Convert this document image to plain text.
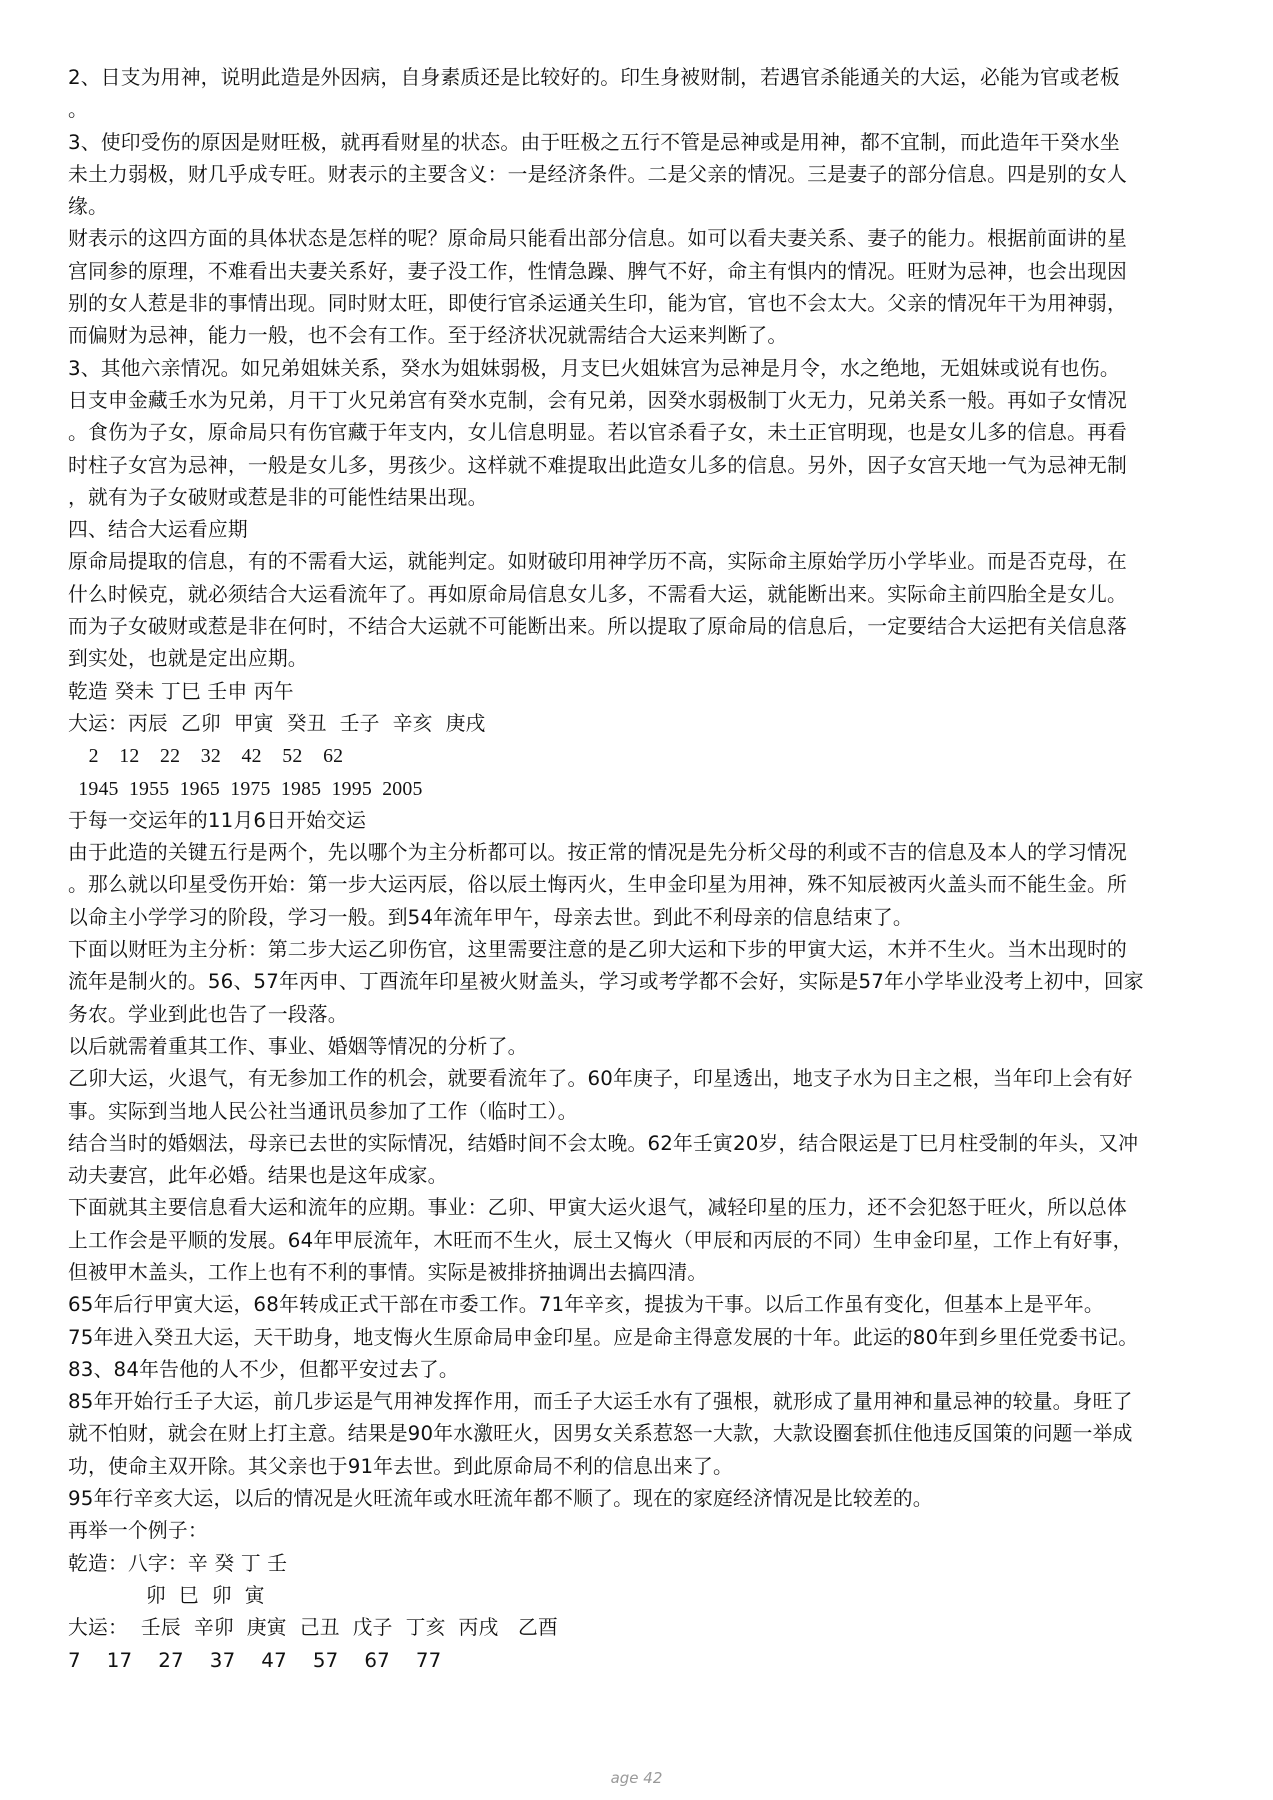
2、日支为用神，说明此造是外因病，自身素质还是比较好的。印生身被财制，若遇官杀能通关的大运，必能为官或老板

。

3、使印受伤的原因是财旺极，就再看财星的状态。由于旺极之五行不管是忌神或是用神，都不宜制，而此造年干癸水坐

未土力弱极，财几乎成专旺。财表示的主要含义：一是经济条件。二是父亲的情况。三是妻子的部分信息。四是别的女人

缘。

财表示的这四方面的具体状态是怎样的呢？原命局只能看出部分信息。如可以看夫妻关系、妻子的能力。根据前面讲的星

宫同参的原理，不难看出夫妻关系好，妻子没工作，性情急躁、脾气不好，命主有惧内的情况。旺财为忌神，也会出现因

别的女人惹是非的事情出现。同时财太旺，即使行官杀运通关生印，能为官，官也不会太大。父亲的情况年干为用神弱，

而偏财为忌神，能力一般，也不会有工作。至于经济状况就需结合大运来判断了。

3、其他六亲情况。如兄弟姐妹关系，癸水为姐妹弱极，月支巳火姐妹宫为忌神是月令，水之绝地，无姐妹或说有也伤。

日支申金藏壬水为兄弟，月干丁火兄弟宫有癸水克制，会有兄弟，因癸水弱极制丁火无力，兄弟关系一般。再如子女情况

。食伤为子女，原命局只有伤官藏于年支内，女儿信息明显。若以官杀看子女，未土正官明现，也是女儿多的信息。再看

时柱子女宫为忌神，一般是女儿多，男孩少。这样就不难提取出此造女儿多的信息。另外，因子女宫天地一气为忌神无制

，就有为子女破财或惹是非的可能性结果出现。

四、结合大运看应期

原命局提取的信息，有的不需看大运，就能判定。如财破印用神学历不高，实际命主原始学历小学毕业。而是否克母，在

什么时候克，就必须结合大运看流年了。再如原命局信息女儿多，不需看大运，就能断出来。实际命主前四胎全是女儿。

而为子女破财或惹是非在何时，不结合大运就不可能断出来。所以提取了原命局的信息后，一定要结合大运把有关信息落

到实处，也就是定出应期。

乾造 癸未 丁巳 壬申 丙午

大运：丙辰  乙卯  甲寅  癸丑  壬子  辛亥  庚戌

2    12    22    32    42    52    62

1945  1955  1965  1975  1985  1995  2005

于每一交运年的11月6日开始交运

由于此造的关键五行是两个，先以哪个为主分析都可以。按正常的情况是先分析父母的利或不吉的信息及本人的学习情况

。那么就以印星受伤开始：第一步大运丙辰，俗以辰土悔丙火，生申金印星为用神，殊不知辰被丙火盖头而不能生金。所

以命主小学学习的阶段，学习一般。到54年流年甲午，母亲去世。到此不利母亲的信息结束了。

下面以财旺为主分析：第二步大运乙卯伤官，这里需要注意的是乙卯大运和下步的甲寅大运，木并不生火。当木出现时的

流年是制火的。56、57年丙申、丁酉流年印星被火财盖头，学习或考学都不会好，实际是57年小学毕业没考上初中，回家

务农。学业到此也告了一段落。

以后就需着重其工作、事业、婚姻等情况的分析了。

乙卯大运，火退气，有无参加工作的机会，就要看流年了。60年庚子，印星透出，地支子水为日主之根，当年印上会有好

事。实际到当地人民公社当通讯员参加了工作（临时工）。

结合当时的婚姻法，母亲已去世的实际情况，结婚时间不会太晚。62年壬寅20岁，结合限运是丁巳月柱受制的年头，又冲

动夫妻宫，此年必婚。结果也是这年成家。

下面就其主要信息看大运和流年的应期。事业：乙卯、甲寅大运火退气，减轻印星的压力，还不会犯怒于旺火，所以总体

上工作会是平顺的发展。64年甲辰流年，木旺而不生火，辰土又悔火（甲辰和丙辰的不同）生申金印星，工作上有好事，

但被甲木盖头，工作上也有不利的事情。实际是被排挤抽调出去搞四清。

65年后行甲寅大运，68年转成正式干部在市委工作。71年辛亥，提拔为干事。以后工作虽有变化，但基本上是平年。

75年进入癸丑大运，天干助身，地支悔火生原命局申金印星。应是命主得意发展的十年。此运的80年到乡里任党委书记。

83、84年告他的人不少，但都平安过去了。

85年开始行壬子大运，前几步运是气用神发挥作用，而壬子大运壬水有了强根，就形成了量用神和量忌神的较量。身旺了

就不怕财，就会在财上打主意。结果是90年水激旺火，因男女关系惹怒一大款，大款设圈套抓住他违反国策的问题一举成

功，使命主双开除。其父亲也于91年去世。到此原命局不利的信息出来了。

95年行辛亥大运，以后的情况是火旺流年或水旺流年都不顺了。现在的家庭经济情况是比较差的。

再举一个例子：

乾造：八字：辛 癸 丁 壬

卯  巳  卯  寅

大运：  壬辰  辛卯  庚寅  己丑  戊子  丁亥  丙戌   乙酉

7    17    27    37    47    57    67    77

age 42
